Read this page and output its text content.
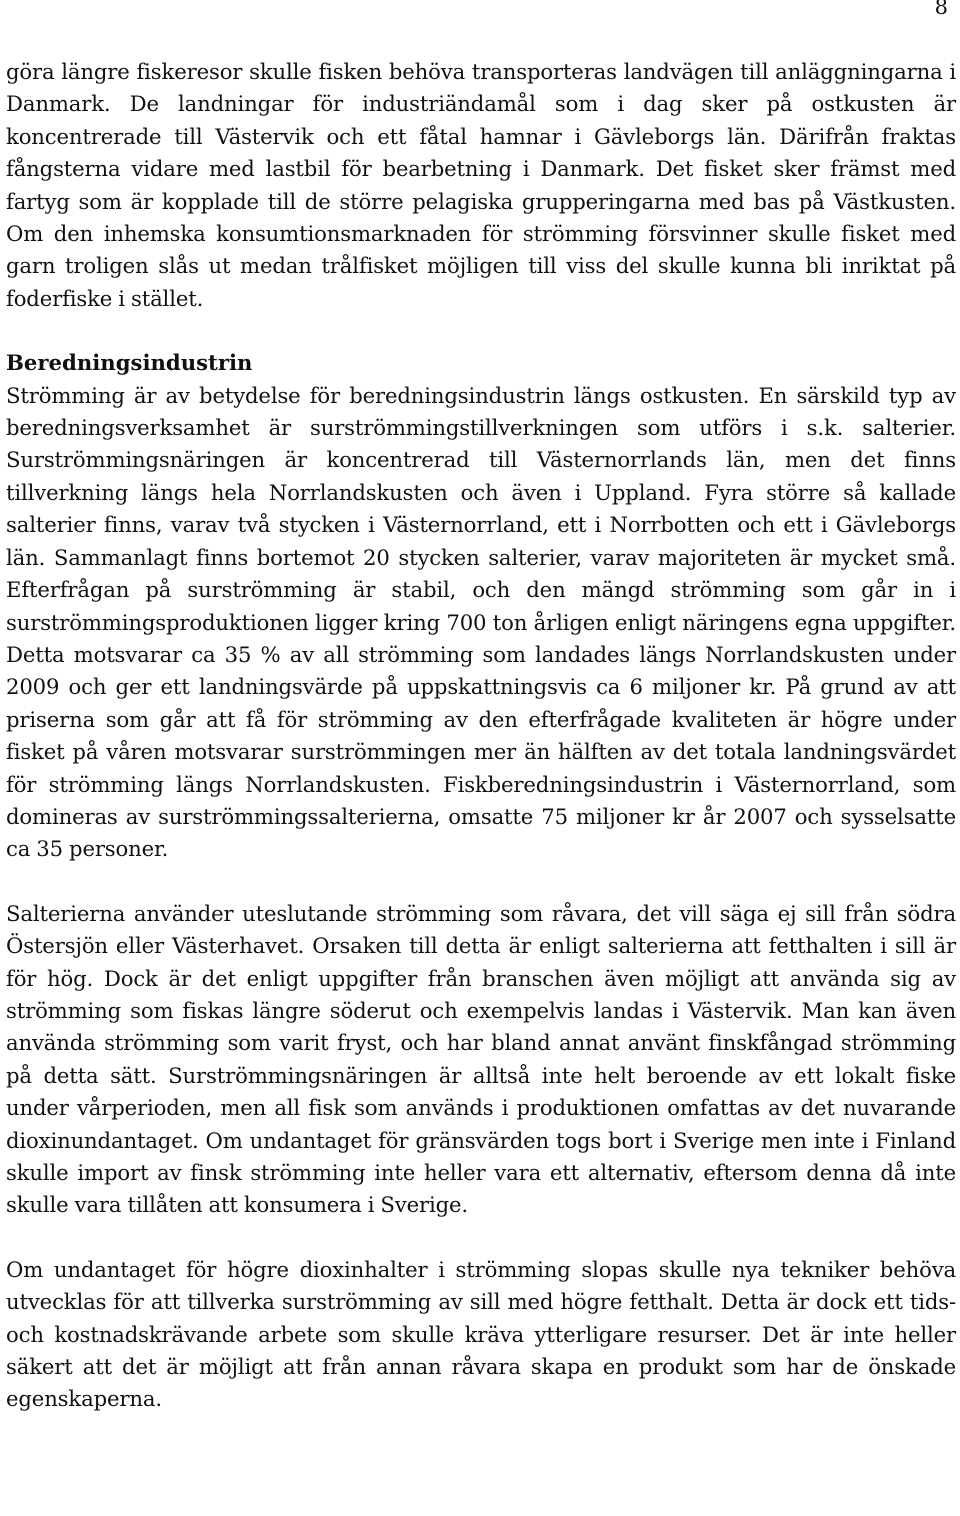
8

göra längre fiskeresor skulle fisken behöva transporteras landvägen till anläggningarna i Danmark. De landningar för industriändamål som i dag sker på ostkusten är koncentrerade till Västervik och ett fåtal hamnar i Gävleborgs län. Därifrån fraktas fångsterna vidare med lastbil för bearbetning i Danmark. Det fisket sker främst med fartyg som är kopplade till de större pelagiska grupperingarna med bas på Västkusten. Om den inhemska konsumtionsmarknaden för strömming försvinner skulle fisket med garn troligen slås ut medan trålfisket möjligen till viss del skulle kunna bli inriktat på foderfiske i stället.

Beredningsindustrin

Strömming är av betydelse för beredningsindustrin längs ostkusten. En särskild typ av beredningsverksamhet är surströmmingstillverkningen som utförs i s.k. salterier. Surströmmingsnäringen är koncentrerad till Västernorrlands län, men det finns tillverkning längs hela Norrlandskusten och även i Uppland. Fyra större så kallade salterier finns, varav två stycken i Västernorrland, ett i Norrbotten och ett i Gävleborgs län. Sammanlagt finns bortemot 20 stycken salterier, varav majoriteten är mycket små. Efterfrågan på surströmming är stabil, och den mängd strömming som går in i surströmmingsproduktionen ligger kring 700 ton årligen enligt näringens egna uppgifter. Detta motsvarar ca 35 % av all strömming som landades längs Norrlandskusten under 2009 och ger ett landningsvärde på uppskattningsvis ca 6 miljoner kr. På grund av att priserna som går att få för strömming av den efterfrågade kvaliteten är högre under fisket på våren motsvarar surströmmingen mer än hälften av det totala landningsvärdet för strömming längs Norrlandskusten. Fiskberedningsindustrin i Västernorrland, som domineras av surströmmingssalterierna, omsatte 75 miljoner kr år 2007 och sysselsatte ca 35 personer.

Salterierna använder uteslutande strömming som råvara, det vill säga ej sill från södra Östersjön eller Västerhavet. Orsaken till detta är enligt salterierna att fetthalten i sill är för hög. Dock är det enligt uppgifter från branschen även möjligt att använda sig av strömming som fiskas längre söderut och exempelvis landas i Västervik. Man kan även använda strömming som varit fryst, och har bland annat använt finskfångad strömming på detta sätt. Surströmmingsnäringen är alltså inte helt beroende av ett lokalt fiske under vårperioden, men all fisk som används i produktionen omfattas av det nuvarande dioxinundantaget. Om undantaget för gränsvärden togs bort i Sverige men inte i Finland skulle import av finsk strömming inte heller vara ett alternativ, eftersom denna då inte skulle vara tillåten att konsumera i Sverige.

Om undantaget för högre dioxinhalter i strömming slopas skulle nya tekniker behöva utvecklas för att tillverka surströmming av sill med högre fetthalt. Detta är dock ett tids- och kostnadskrävande arbete som skulle kräva ytterligare resurser. Det är inte heller säkert att det är möjligt att från annan råvara skapa en produkt som har de önskade egenskaperna.
